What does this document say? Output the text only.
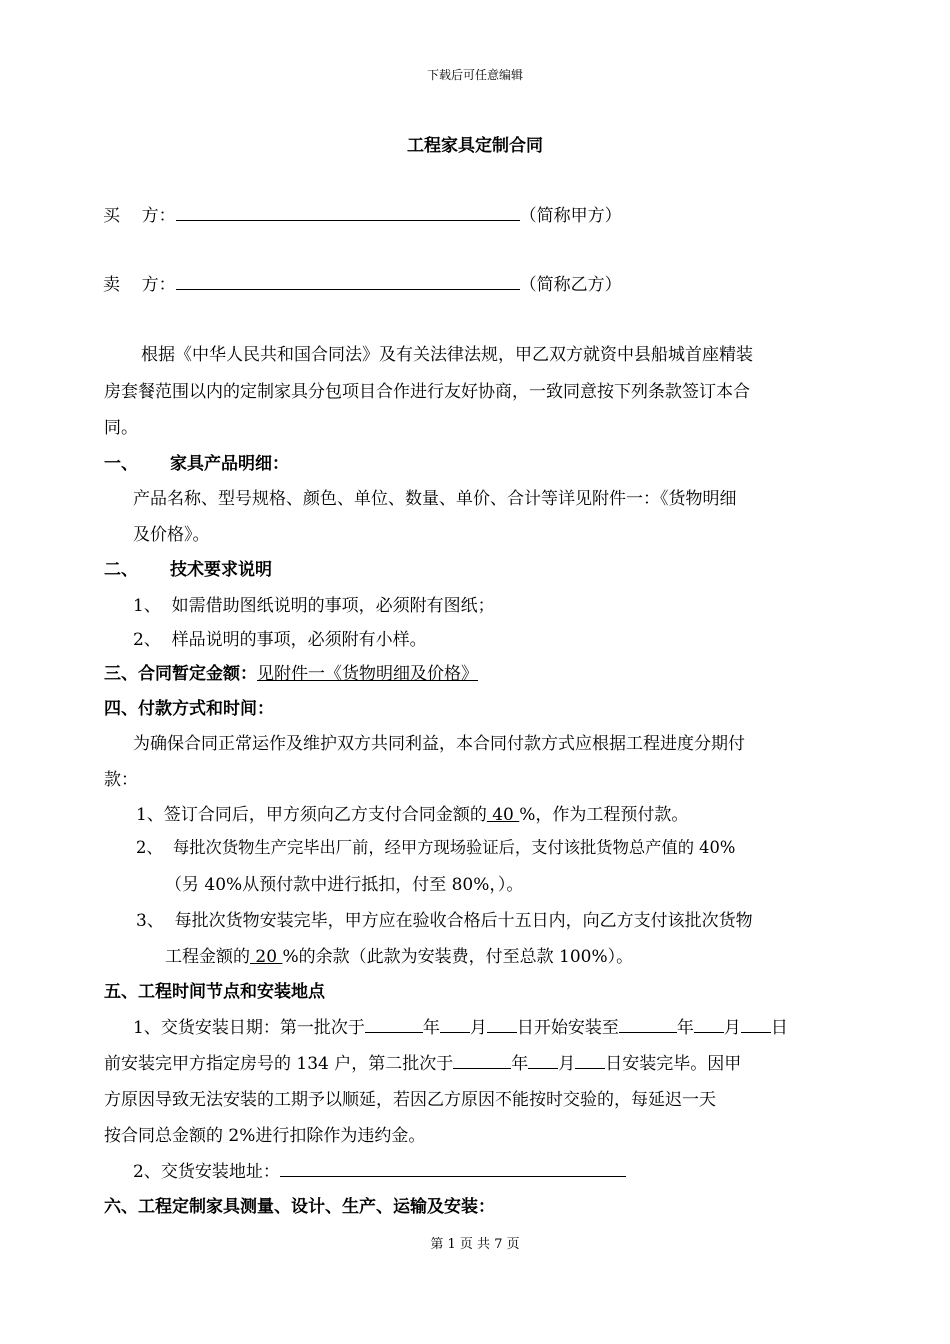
下载后可任意编辑
工程家具定制合同
买    方：	（简称甲方）
卖    方：	（简称乙方）
根据《中华人民共和国合同法》及有关法律法规，甲乙双方就资中县船城首座精装
房套餐范围以内的定制家具分包项目合作进行友好协商，一致同意按下列条款签订本合
同。
一、 家具产品明细：
产品名称、型号规格、颜色、单位、数量、单价、合计等详见附件一：《货物明细
及价格》。
二、 技术要求说明
1、  如需借助图纸说明的事项，必须附有图纸；
2、  样品说明的事项，必须附有小样。
三、合同暂定金额：见附件一《货物明细及价格》
四、付款方式和时间：
为确保合同正常运作及维护双方共同利益，本合同付款方式应根据工程进度分期付
款：
1、签订合同后，甲方须向乙方支付合同金额的 40 %，作为工程预付款。
2、  每批次货物生产完毕出厂前，经甲方现场验证后，支付该批货物总产值的 40%
（另 40%从预付款中进行抵扣，付至 80%，）。
3、  每批次货物安装完毕，甲方应在验收合格后十五日内，向乙方支付该批次货物
工程金额的 20 %的余款（此款为安装费，付至总款 100%）。
五、工程时间节点和安装地点
1、交货安装日期：第一批次于	年 月 日开始安装至	年 月 日
前安装完甲方指定房号的 134 户，第二批次于	年 月 日安装完毕。因甲
方原因导致无法安装的工期予以顺延，若因乙方原因不能按时交验的，每延迟一天
按合同总金额的 2%进行扣除作为违约金。
2、交货安装地址：
六、工程定制家具测量、设计、生产、运输及安装：
第 1 页 共 7 页
